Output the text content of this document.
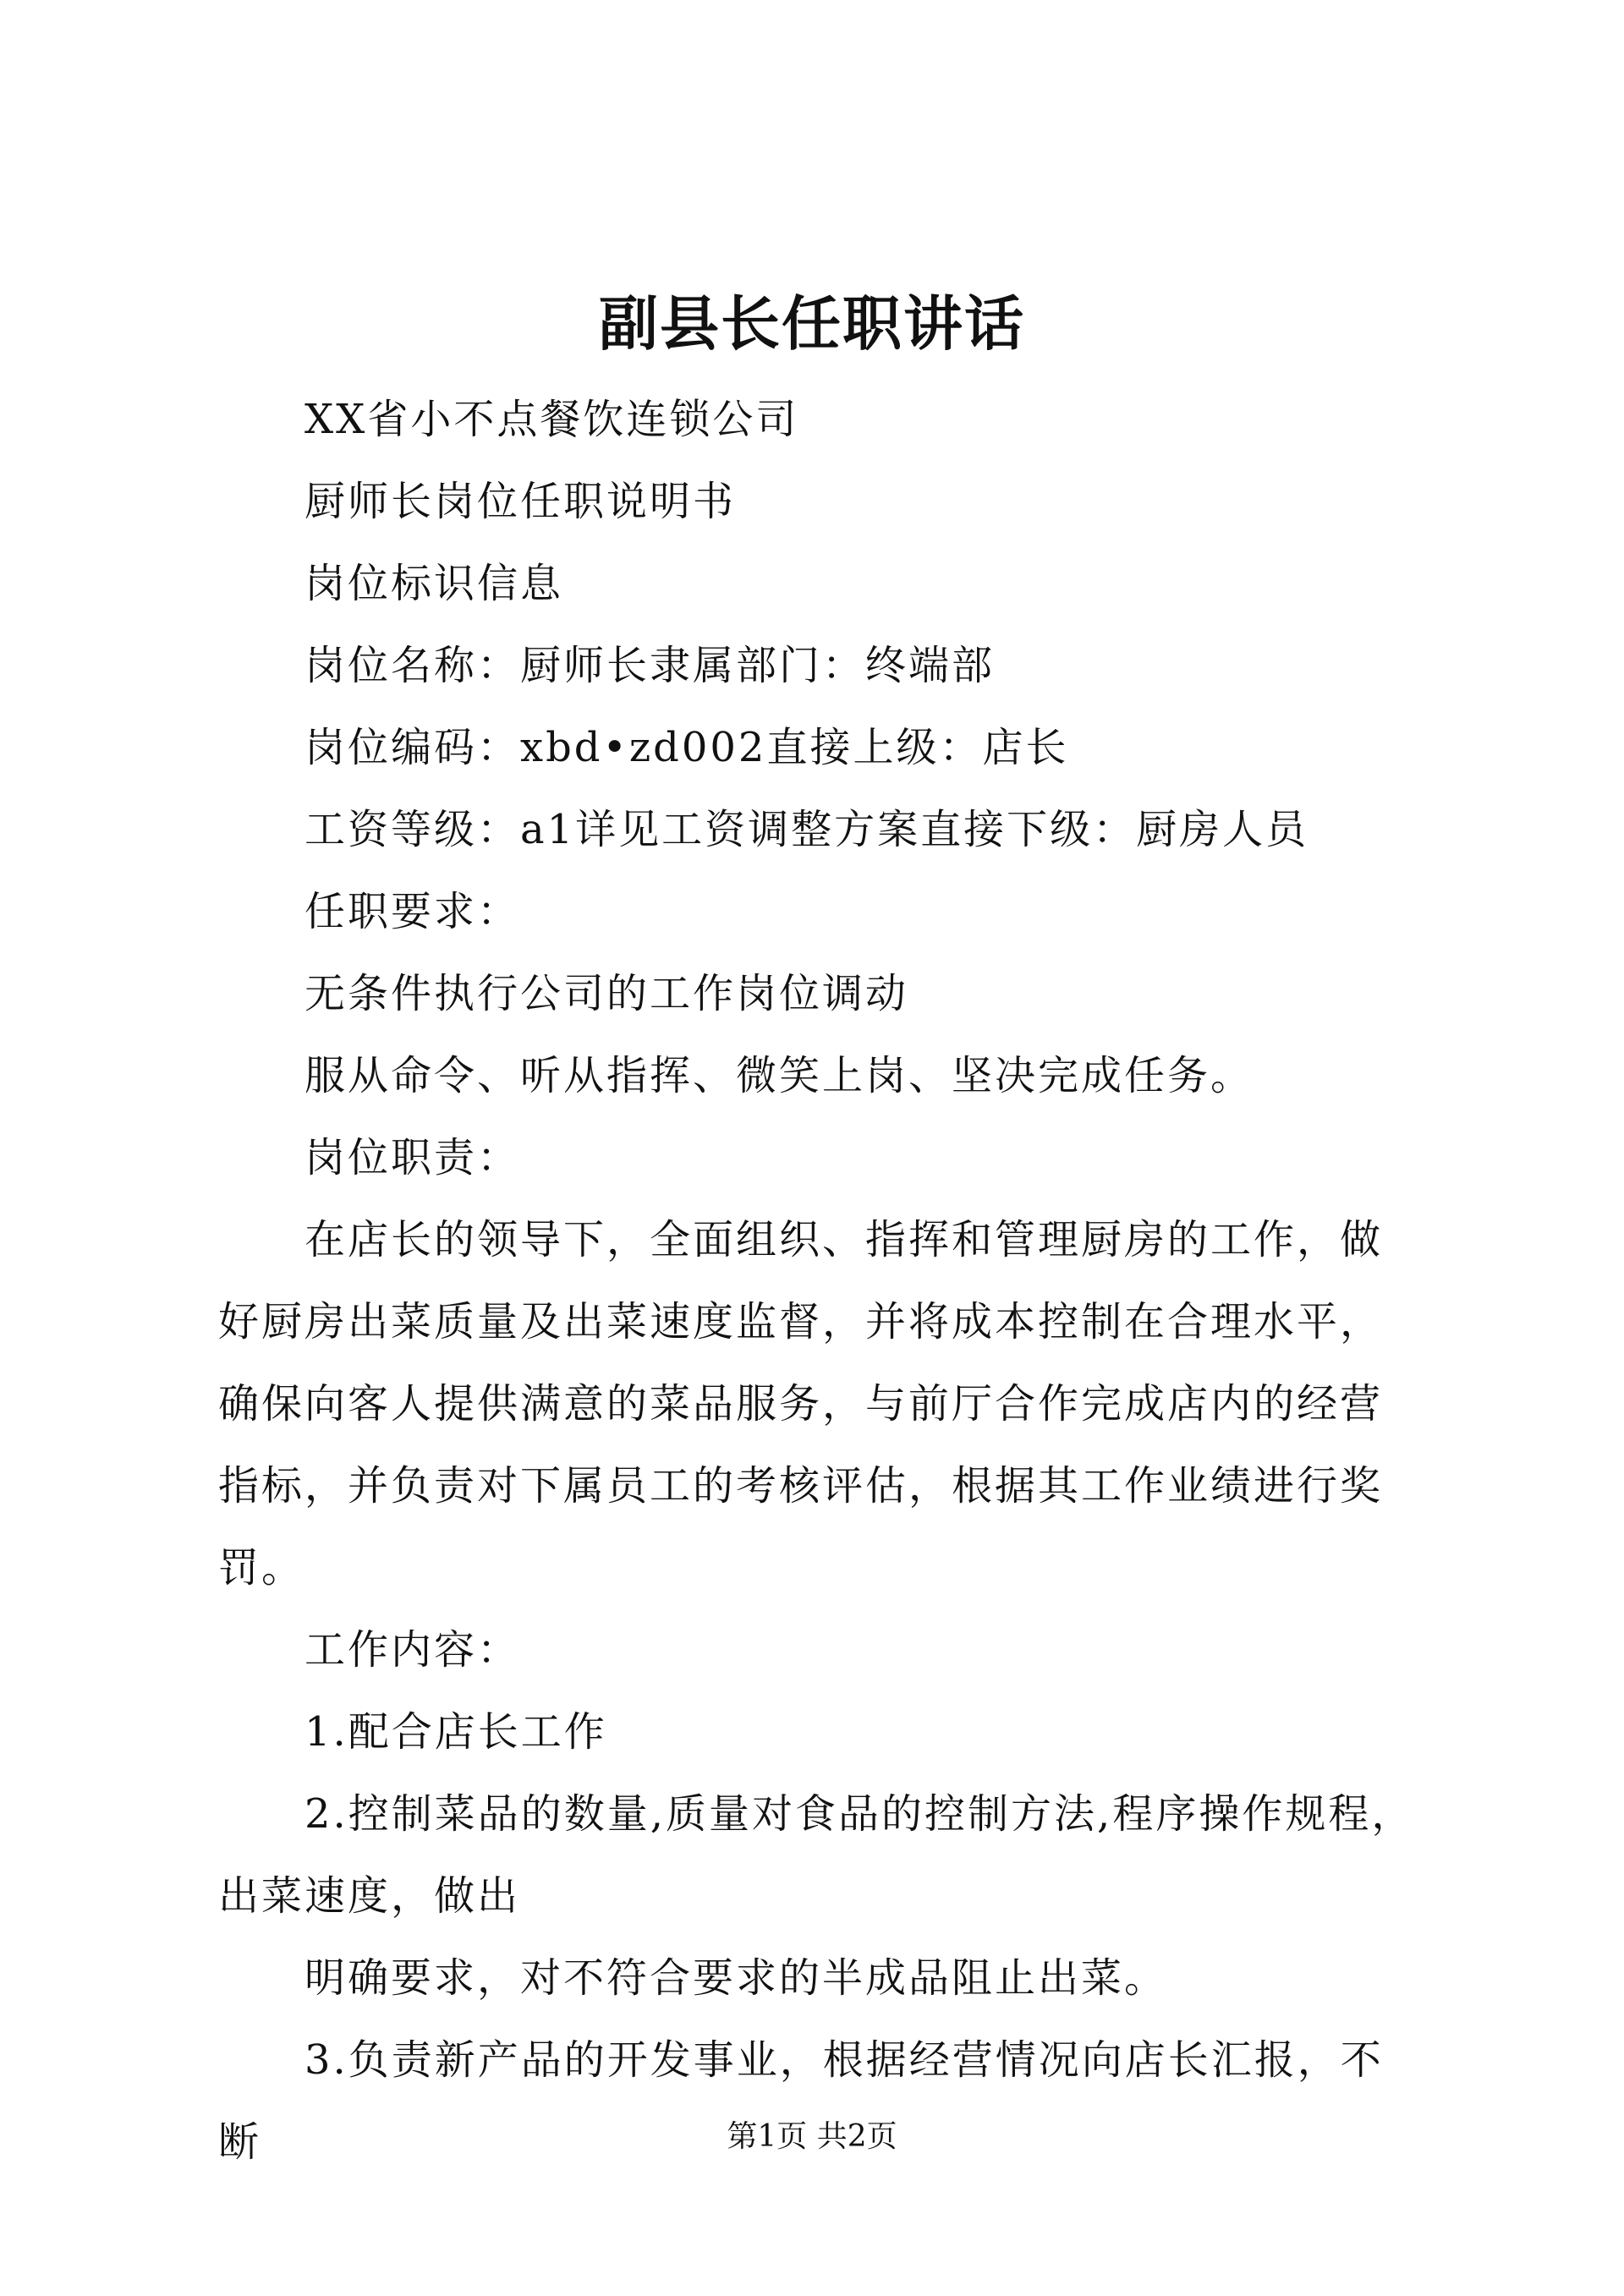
副县长任职讲话

XX省小不点餐饮连锁公司

厨师长岗位任职说明书

岗位标识信息

岗位名称：厨师长隶属部门：终端部

岗位编码：xbd•zd002直接上级：店长

工资等级：a1详见工资调整方案直接下级：厨房人员

任职要求：

无条件执行公司的工作岗位调动

服从命令、听从指挥、微笑上岗、坚决完成任务。

岗位职责：

在店长的领导下，全面组织、指挥和管理厨房的工作，做好厨房出菜质量及出菜速度监督，并将成本控制在合理水平，确保向客人提供满意的菜品服务，与前厅合作完成店内的经营指标，并负责对下属员工的考核评估，根据其工作业绩进行奖罚。

工作内容：

1.配合店长工作

2.控制菜品的数量,质量对食品的控制方法,程序操作规程，出菜速度，做出

明确要求，对不符合要求的半成品阻止出菜。

3.负责新产品的开发事业，根据经营情况向店长汇报，不断	第1页 共2页
